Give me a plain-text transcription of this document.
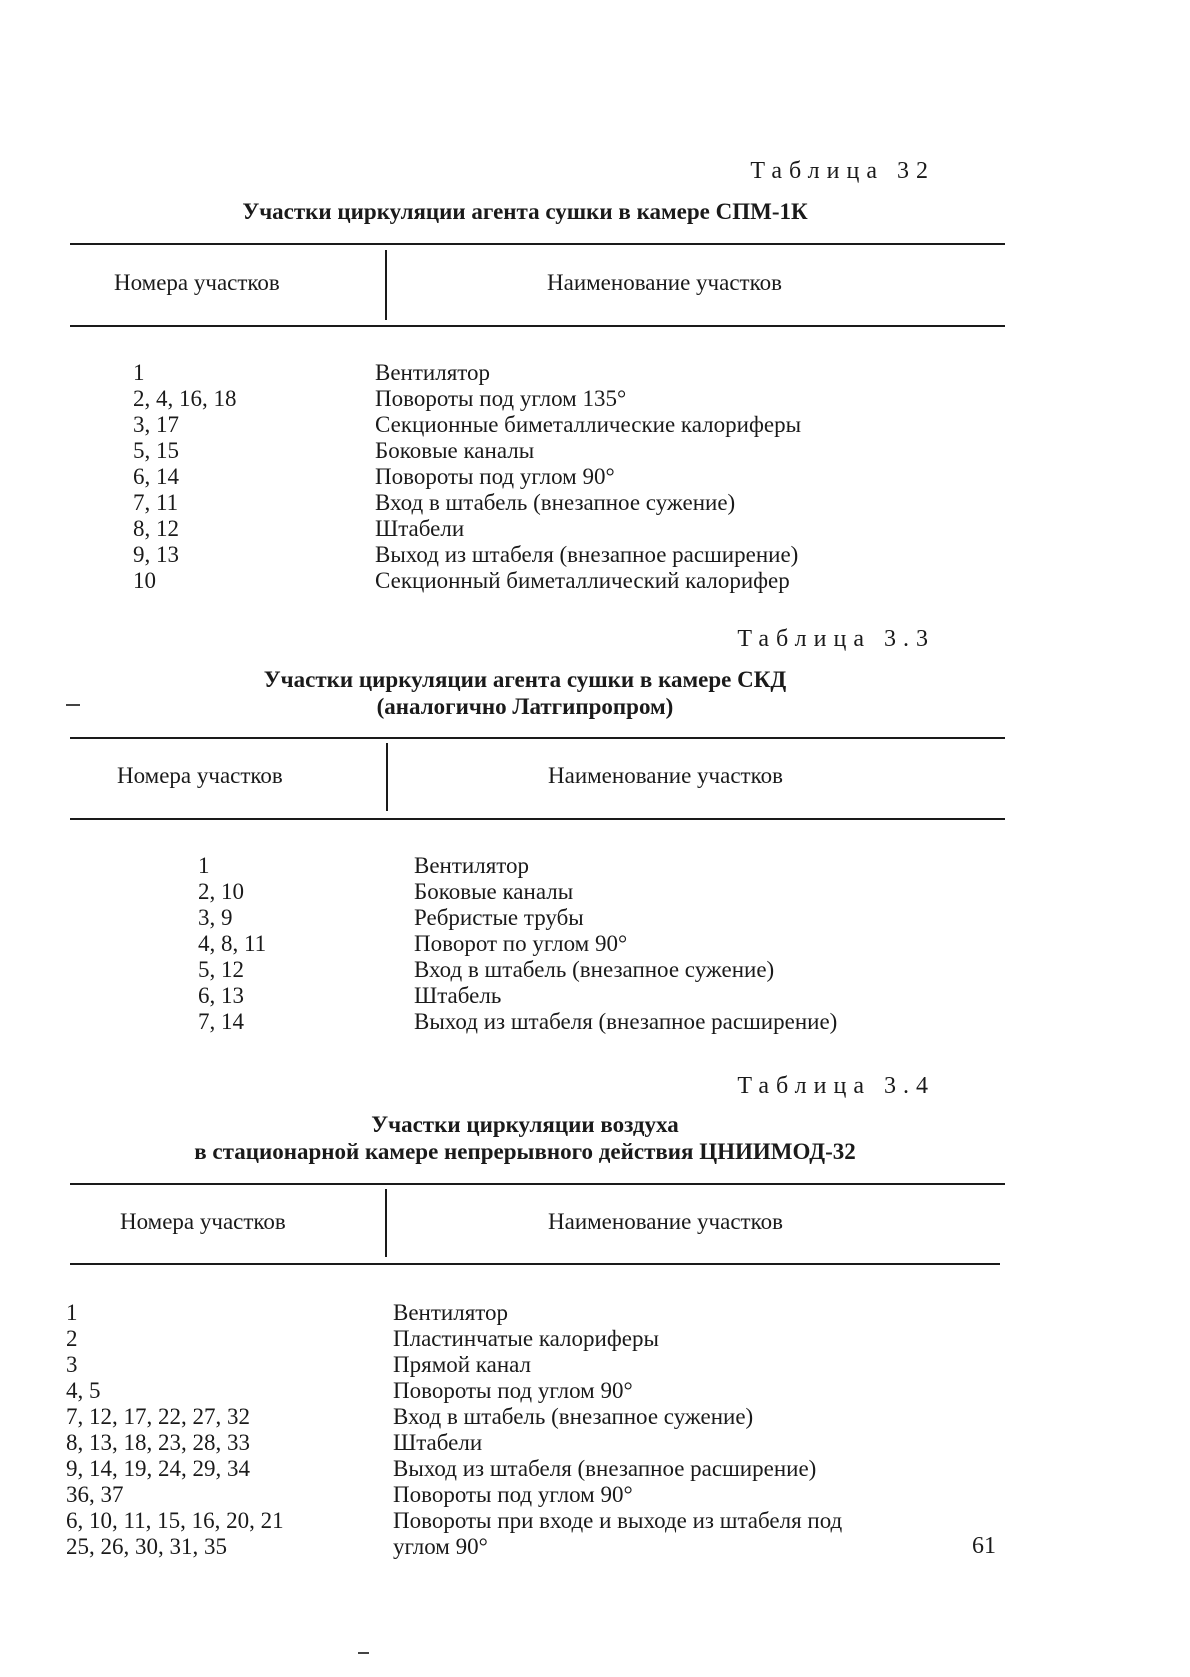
Таблица 32
Участки циркуляции агента сушки в камере СПМ-1К
Номера участков	Наименование участков
1	Вентилятор
2, 4, 16, 18	Повороты под углом 135°
3, 17	Секционные биметаллические калориферы
5, 15	Боковые каналы
6, 14	Повороты под углом 90°
7, 11	Вход в штабель (внезапное сужение)
8, 12	Штабели
9, 13	Выход из штабеля (внезапное расширение)
10	Секционный биметаллический калорифер
Таблица 3.3
Участки циркуляции агента сушки в камере СКД
(аналогично Латгипропром)
Номера участков	Наименование участков
1	Вентилятор
2, 10	Боковые каналы
3, 9	Ребристые трубы
4, 8, 11	Поворот по углом 90°
5, 12	Вход в штабель (внезапное сужение)
6, 13	Штабель
7, 14	Выход из штабеля (внезапное расширение)
Таблица 3.4
Участки циркуляции воздуха
в стационарной камере непрерывного действия ЦНИИМОД-32
Номера участков	Наименование участков
1	Вентилятор
2	Пластинчатые калориферы
3	Прямой канал
4, 5	Повороты под углом 90°
7, 12, 17, 22, 27, 32	Вход в штабель (внезапное сужение)
8, 13, 18, 23, 28, 33	Штабели
9, 14, 19, 24, 29, 34	Выход из штабеля (внезапное расширение)
36, 37	Повороты под углом 90°
6, 10, 11, 15, 16, 20, 21	Повороты при входе и выходе из штабеля под
25, 26, 30, 31, 35	углом 90°	61
